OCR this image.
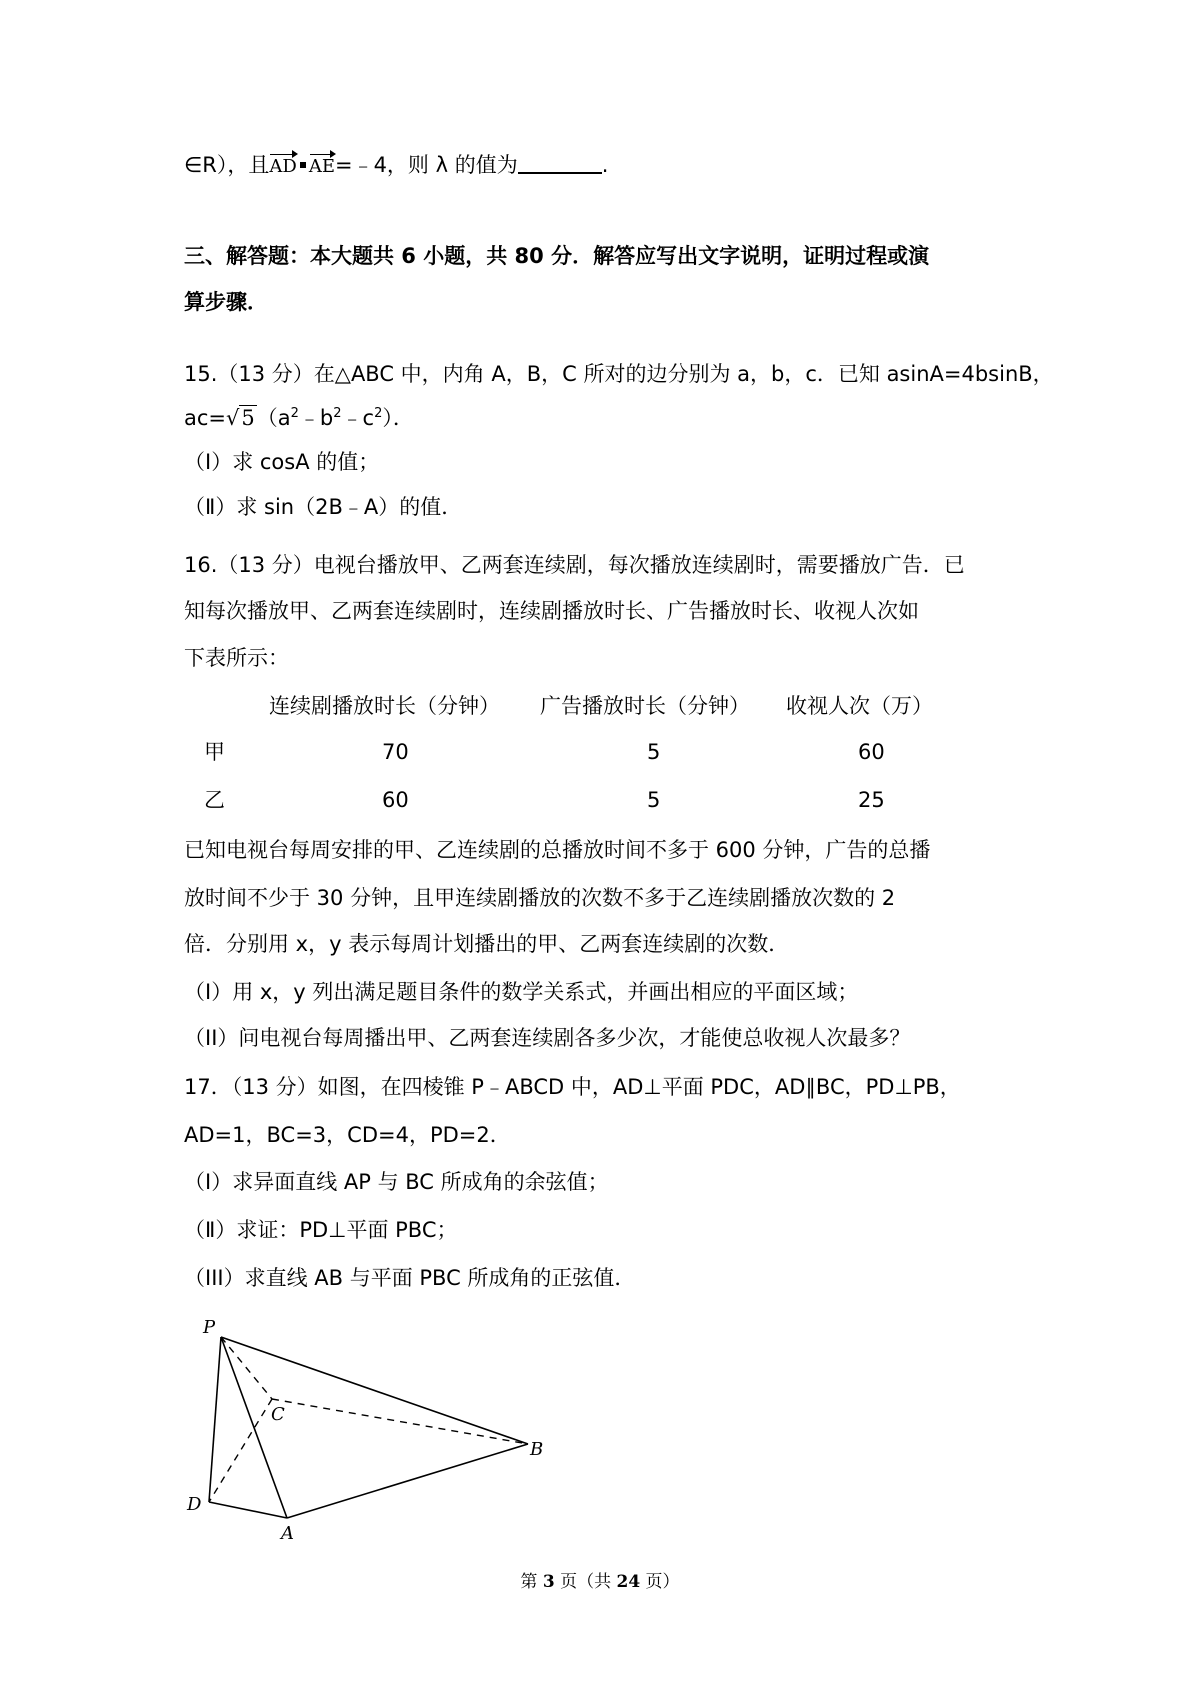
∈R），且AD AE=﹣4，则 λ 的值为	.
三、解答题：本大题共 6 小题，共 80 分．解答应写出文字说明，证明过程或演
算步骤．
15.（13 分）在△ABC 中，内角 A，B，C 所对的边分别为 a，b，c．已知 asinA=4bsinB，
$ac=√5(a^2﹣b^2﹣c^2)$．
（Ⅰ）求 cosA 的值；
（Ⅱ）求 sin（2B﹣A）的值．
16.（13 分）电视台播放甲、乙两套连续剧，每次播放连续剧时，需要播放广告．已
知每次播放甲、乙两套连续剧时，连续剧播放时长、广告播放时长、收视人次如
下表所示：
连续剧播放时长（分钟） 广告播放时长（分钟） 收视人次（万）
甲	70	5	60
乙	60	5	25
已知电视台每周安排的甲、乙连续剧的总播放时间不多于 600 分钟，广告的总播
放时间不少于 30 分钟，且甲连续剧播放的次数不多于乙连续剧播放次数的 2
倍．分别用 x，y 表示每周计划播出的甲、乙两套连续剧的次数．
（I）用 x，y 列出满足题目条件的数学关系式，并画出相应的平面区域；
（II）问电视台每周播出甲、乙两套连续剧各多少次，才能使总收视人次最多？
17．（13 分）如图，在四棱锥 P﹣ABCD 中，AD⊥平面 PDC，AD∥BC，PD⊥PB，
AD=1，BC=3，CD=4，PD=2．
（Ⅰ）求异面直线 AP 与 BC 所成角的余弦值；
（Ⅱ）求证：PD⊥平面 PBC；
（III）求直线 AB 与平面 PBC 所成角的正弦值．
P
C
B
D
A
第 3 页（共 24 页）
